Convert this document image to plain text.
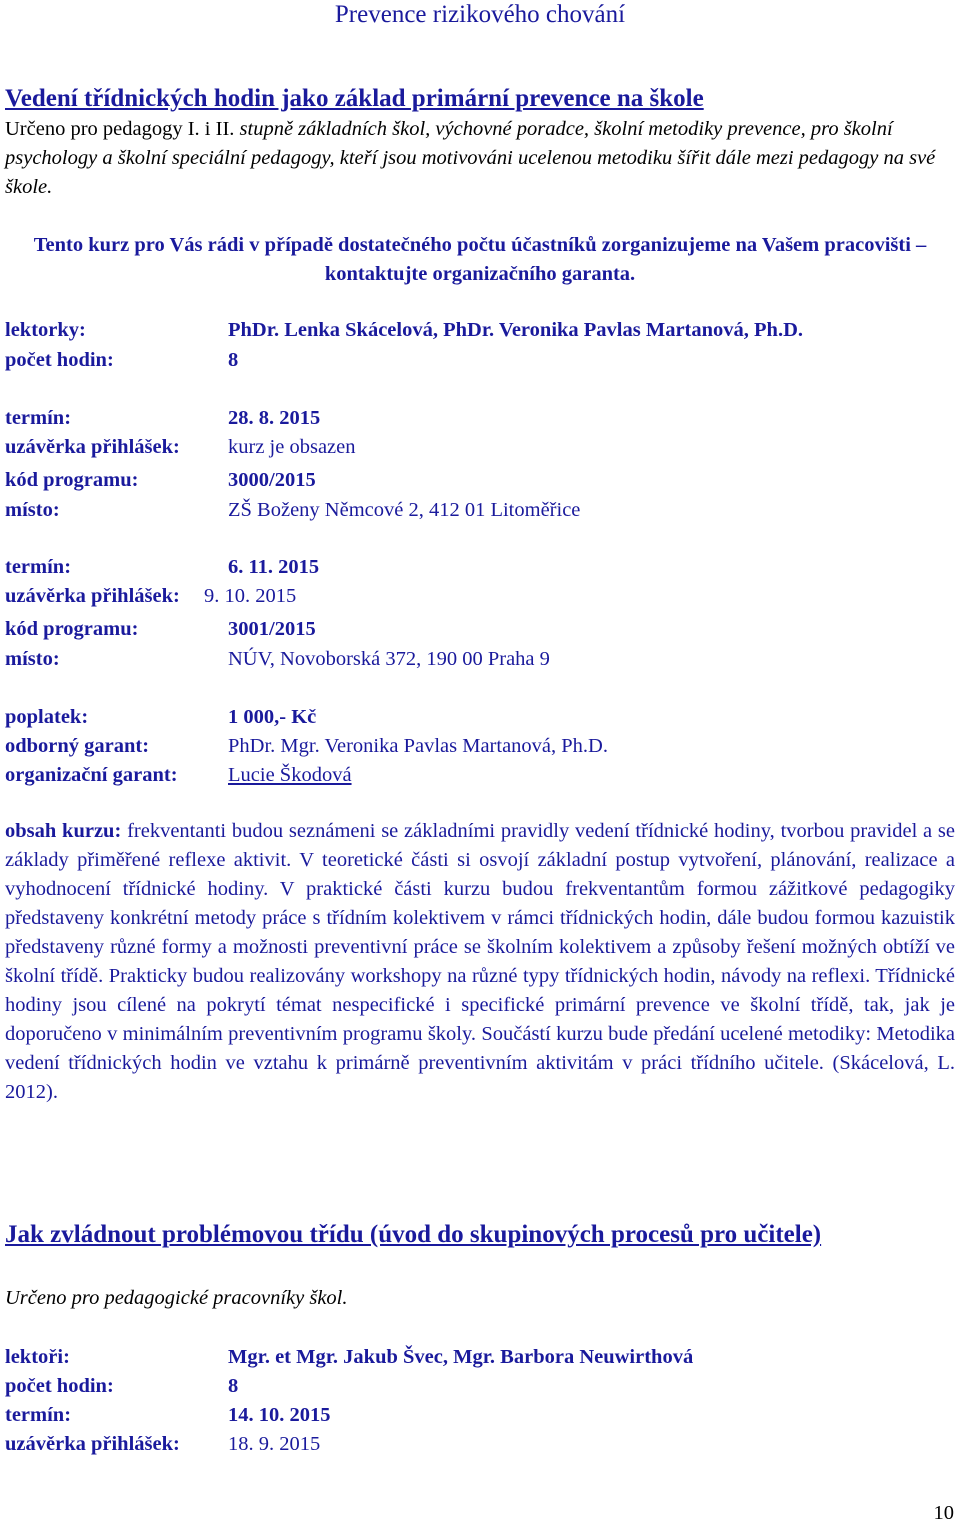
Prevence rizikového chování
Vedení třídnických hodin jako základ primární prevence na škole
Určeno pro pedagogy I. i II. stupně základních škol, výchovné poradce, školní metodiky prevence, pro školní psychology a školní speciální pedagogy, kteří jsou motivováni ucelenou metodiku šířit dále mezi pedagogy na své škole.
Tento kurz pro Vás rádi v případě dostatečného počtu účastníků zorganizujeme na Vašem pracovišti – kontaktujte organizačního garanta.
lektorky:	PhDr. Lenka Skácelová, PhDr. Veronika Pavlas Martanová, Ph.D.
počet hodin:	8
termín:	28. 8. 2015
uzávěrka přihlášek: kurz je obsazen
kód programu:	3000/2015
místo:	ZŠ Boženy Němcové 2, 412 01 Litoměřice
termín:	6. 11. 2015
uzávěrka přihlášek: 9. 10. 2015
kód programu:	3001/2015
místo:	NÚV, Novoborská 372, 190 00 Praha 9
poplatek:	1 000,- Kč
odborný garant:	PhDr. Mgr. Veronika Pavlas Martanová, Ph.D.
organizační garant: Lucie Škodová
obsah kurzu: frekventanti budou seznámeni se základními pravidly vedení třídnické hodiny, tvorbou pravidel a se základy přiměřené reflexe aktivit. V teoretické části si osvojí základní postup vytvoření, plánování, realizace a vyhodnocení třídnické hodiny. V praktické části kurzu budou frekventantům formou zážitkové pedagogiky představeny konkrétní metody práce s třídním kolektivem v rámci třídnických hodin, dále budou formou kazuistik představeny různé formy a možnosti preventivní práce se školním kolektivem a způsoby řešení možných obtíží ve školní třídě. Prakticky budou realizovány workshopy na různé typy třídnických hodin, návody na reflexi. Třídnické hodiny jsou cílené na pokrytí témat nespecifické i specifické primární prevence ve školní třídě, tak, jak je doporučeno v minimálním preventivním programu školy. Součástí kurzu bude předání ucelené metodiky: Metodika vedení třídnických hodin ve vztahu k primárně preventivním aktivitám v práci třídního učitele. (Skácelová, L. 2012).
Jak zvládnout problémovou třídu (úvod do skupinových procesů pro učitele)
Určeno pro pedagogické pracovníky škol.
lektoři:	Mgr. et Mgr. Jakub Švec, Mgr. Barbora Neuwirthová
počet hodin:	8
termín:	14. 10. 2015
uzávěrka přihlášek: 18. 9. 2015
10
